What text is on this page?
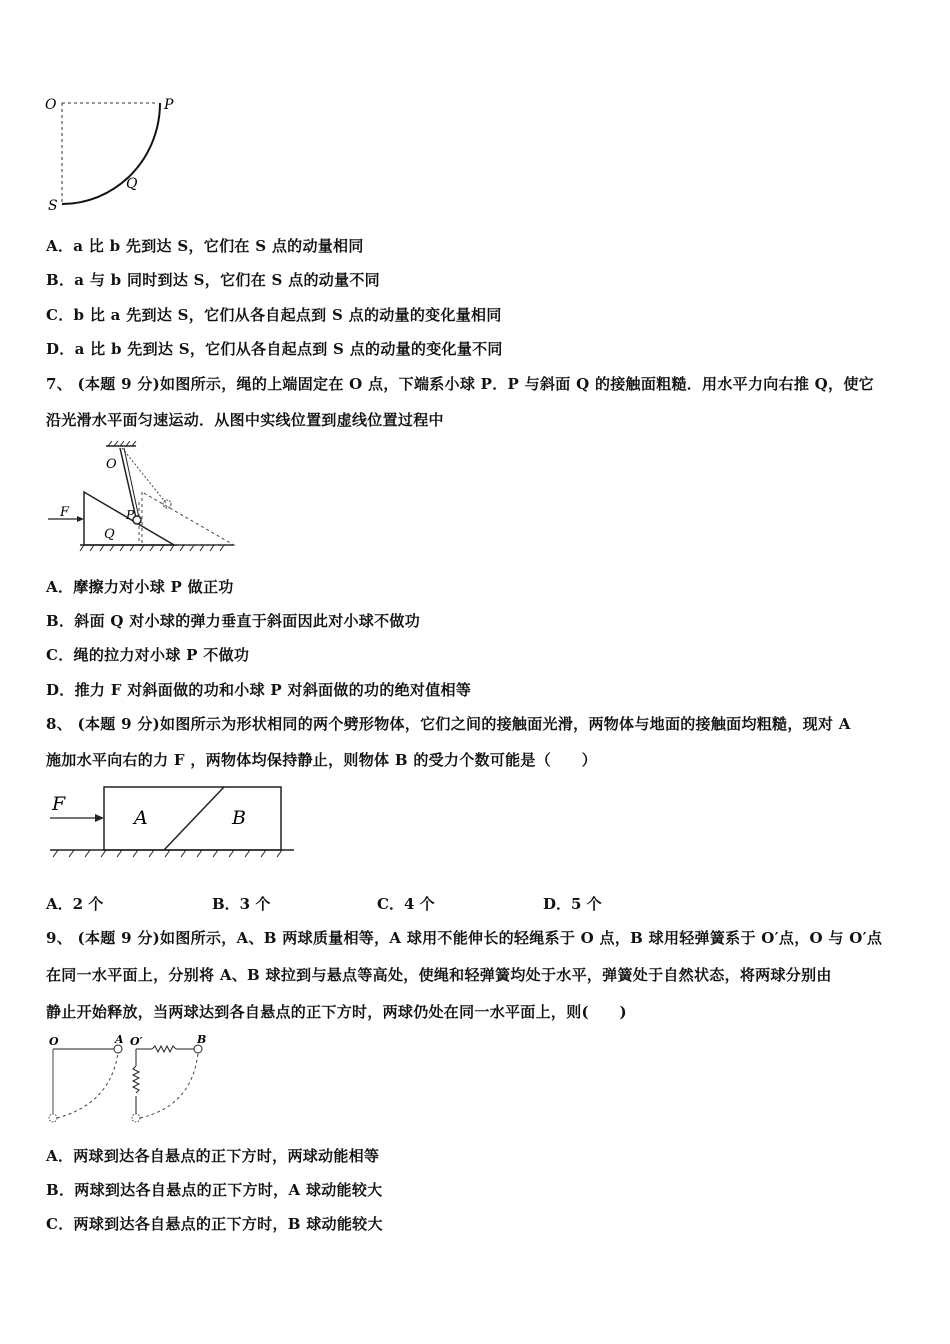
O	P
Q
S
A．a 比 b 先到达 S，它们在 S 点的动量相同
B．a 与 b 同时到达 S，它们在 S 点的动量不同
C．b 比 a 先到达 S，它们从各自起点到 S 点的动量的变化量相同
D．a 比 b 先到达 S，它们从各自起点到 S 点的动量的变化量不同
7、 (本题 9 分)如图所示，绳的上端固定在 O 点，下端系小球 P．P 与斜面 Q 的接触面粗糙．用水平力向右推 Q，使它
沿光滑水平面匀速运动．从图中实线位置到虚线位置过程中
O
F	P
Q
A．摩擦力对小球 P 做正功
B．斜面 Q 对小球的弹力垂直于斜面因此对小球不做功
C．绳的拉力对小球 P 不做功
D．推力 F 对斜面做的功和小球 P 对斜面做的功的绝对值相等
8、 (本题 9 分)如图所示为形状相同的两个劈形物体，它们之间的接触面光滑，两物体与地面的接触面均粗糙，现对 A
施加水平向右的力 F ，两物体均保持静止，则物体 B 的受力个数可能是（　　）
F
A	B
A．2 个	B．3 个	C．4 个	D．5 个
9、 (本题 9 分)如图所示，A、B 两球质量相等，A 球用不能伸长的轻绳系于 O 点，B 球用轻弹簧系于 O′点，O 与 O′点
在同一水平面上，分别将 A、B 球拉到与悬点等高处，使绳和轻弹簧均处于水平，弹簧处于自然状态，将两球分别由
静止开始释放，当两球达到各自悬点的正下方时，两球仍处在同一水平面上，则(　　)
O	A O′	B
A．两球到达各自悬点的正下方时，两球动能相等
B．两球到达各自悬点的正下方时，A 球动能较大
C．两球到达各自悬点的正下方时，B 球动能较大
